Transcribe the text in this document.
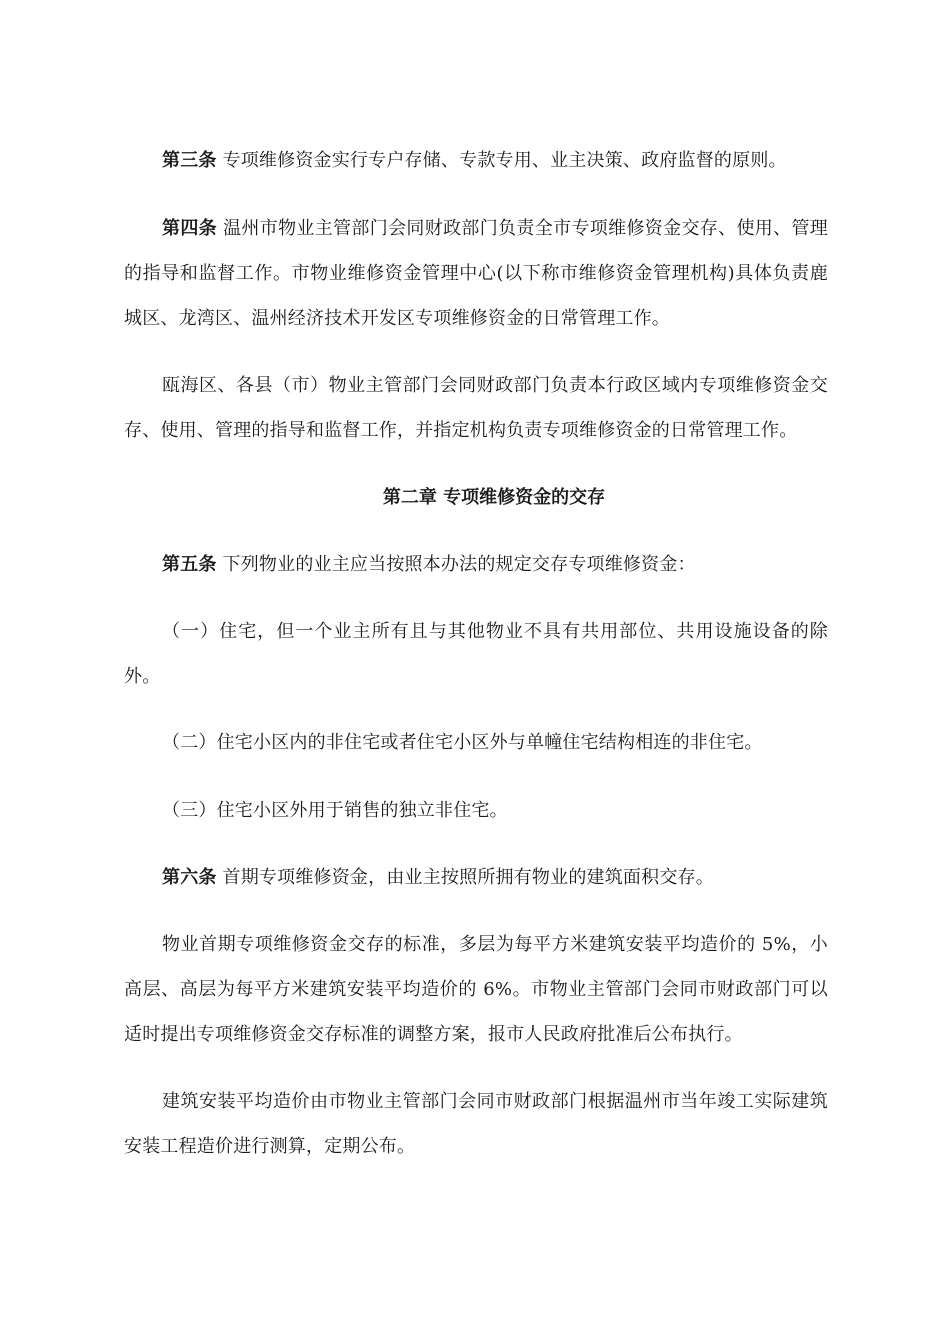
第三条 专项维修资金实行专户存储、专款专用、业主决策、政府监督的原则。

第四条 温州市物业主管部门会同财政部门负责全市专项维修资金交存、使用、管理的指导和监督工作。市物业维修资金管理中心(以下称市维修资金管理机构)具体负责鹿城区、龙湾区、温州经济技术开发区专项维修资金的日常管理工作。

瓯海区、各县（市）物业主管部门会同财政部门负责本行政区域内专项维修资金交存、使用、管理的指导和监督工作，并指定机构负责专项维修资金的日常管理工作。

第二章 专项维修资金的交存

第五条 下列物业的业主应当按照本办法的规定交存专项维修资金：

（一）住宅，但一个业主所有且与其他物业不具有共用部位、共用设施设备的除外。

（二）住宅小区内的非住宅或者住宅小区外与单幢住宅结构相连的非住宅。

（三）住宅小区外用于销售的独立非住宅。

第六条 首期专项维修资金，由业主按照所拥有物业的建筑面积交存。

物业首期专项维修资金交存的标准，多层为每平方米建筑安装平均造价的 5%，小高层、高层为每平方米建筑安装平均造价的 6%。市物业主管部门会同市财政部门可以适时提出专项维修资金交存标准的调整方案，报市人民政府批准后公布执行。

建筑安装平均造价由市物业主管部门会同市财政部门根据温州市当年竣工实际建筑安装工程造价进行测算，定期公布。
